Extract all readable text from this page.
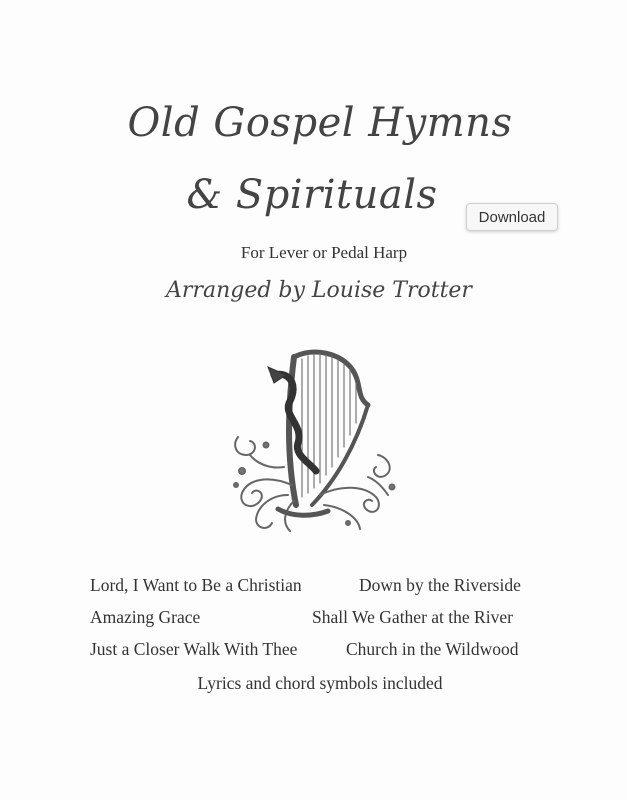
Old Gospel Hymns
& Spirituals	Download
For Lever or Pedal Harp
Arranged by Louise Trotter
Lord, I Want to Be a Christian	Down by the Riverside
Amazing Grace	Shall We Gather at the River
Just a Closer Walk With Thee	Church in the Wildwood
Lyrics and chord symbols included
